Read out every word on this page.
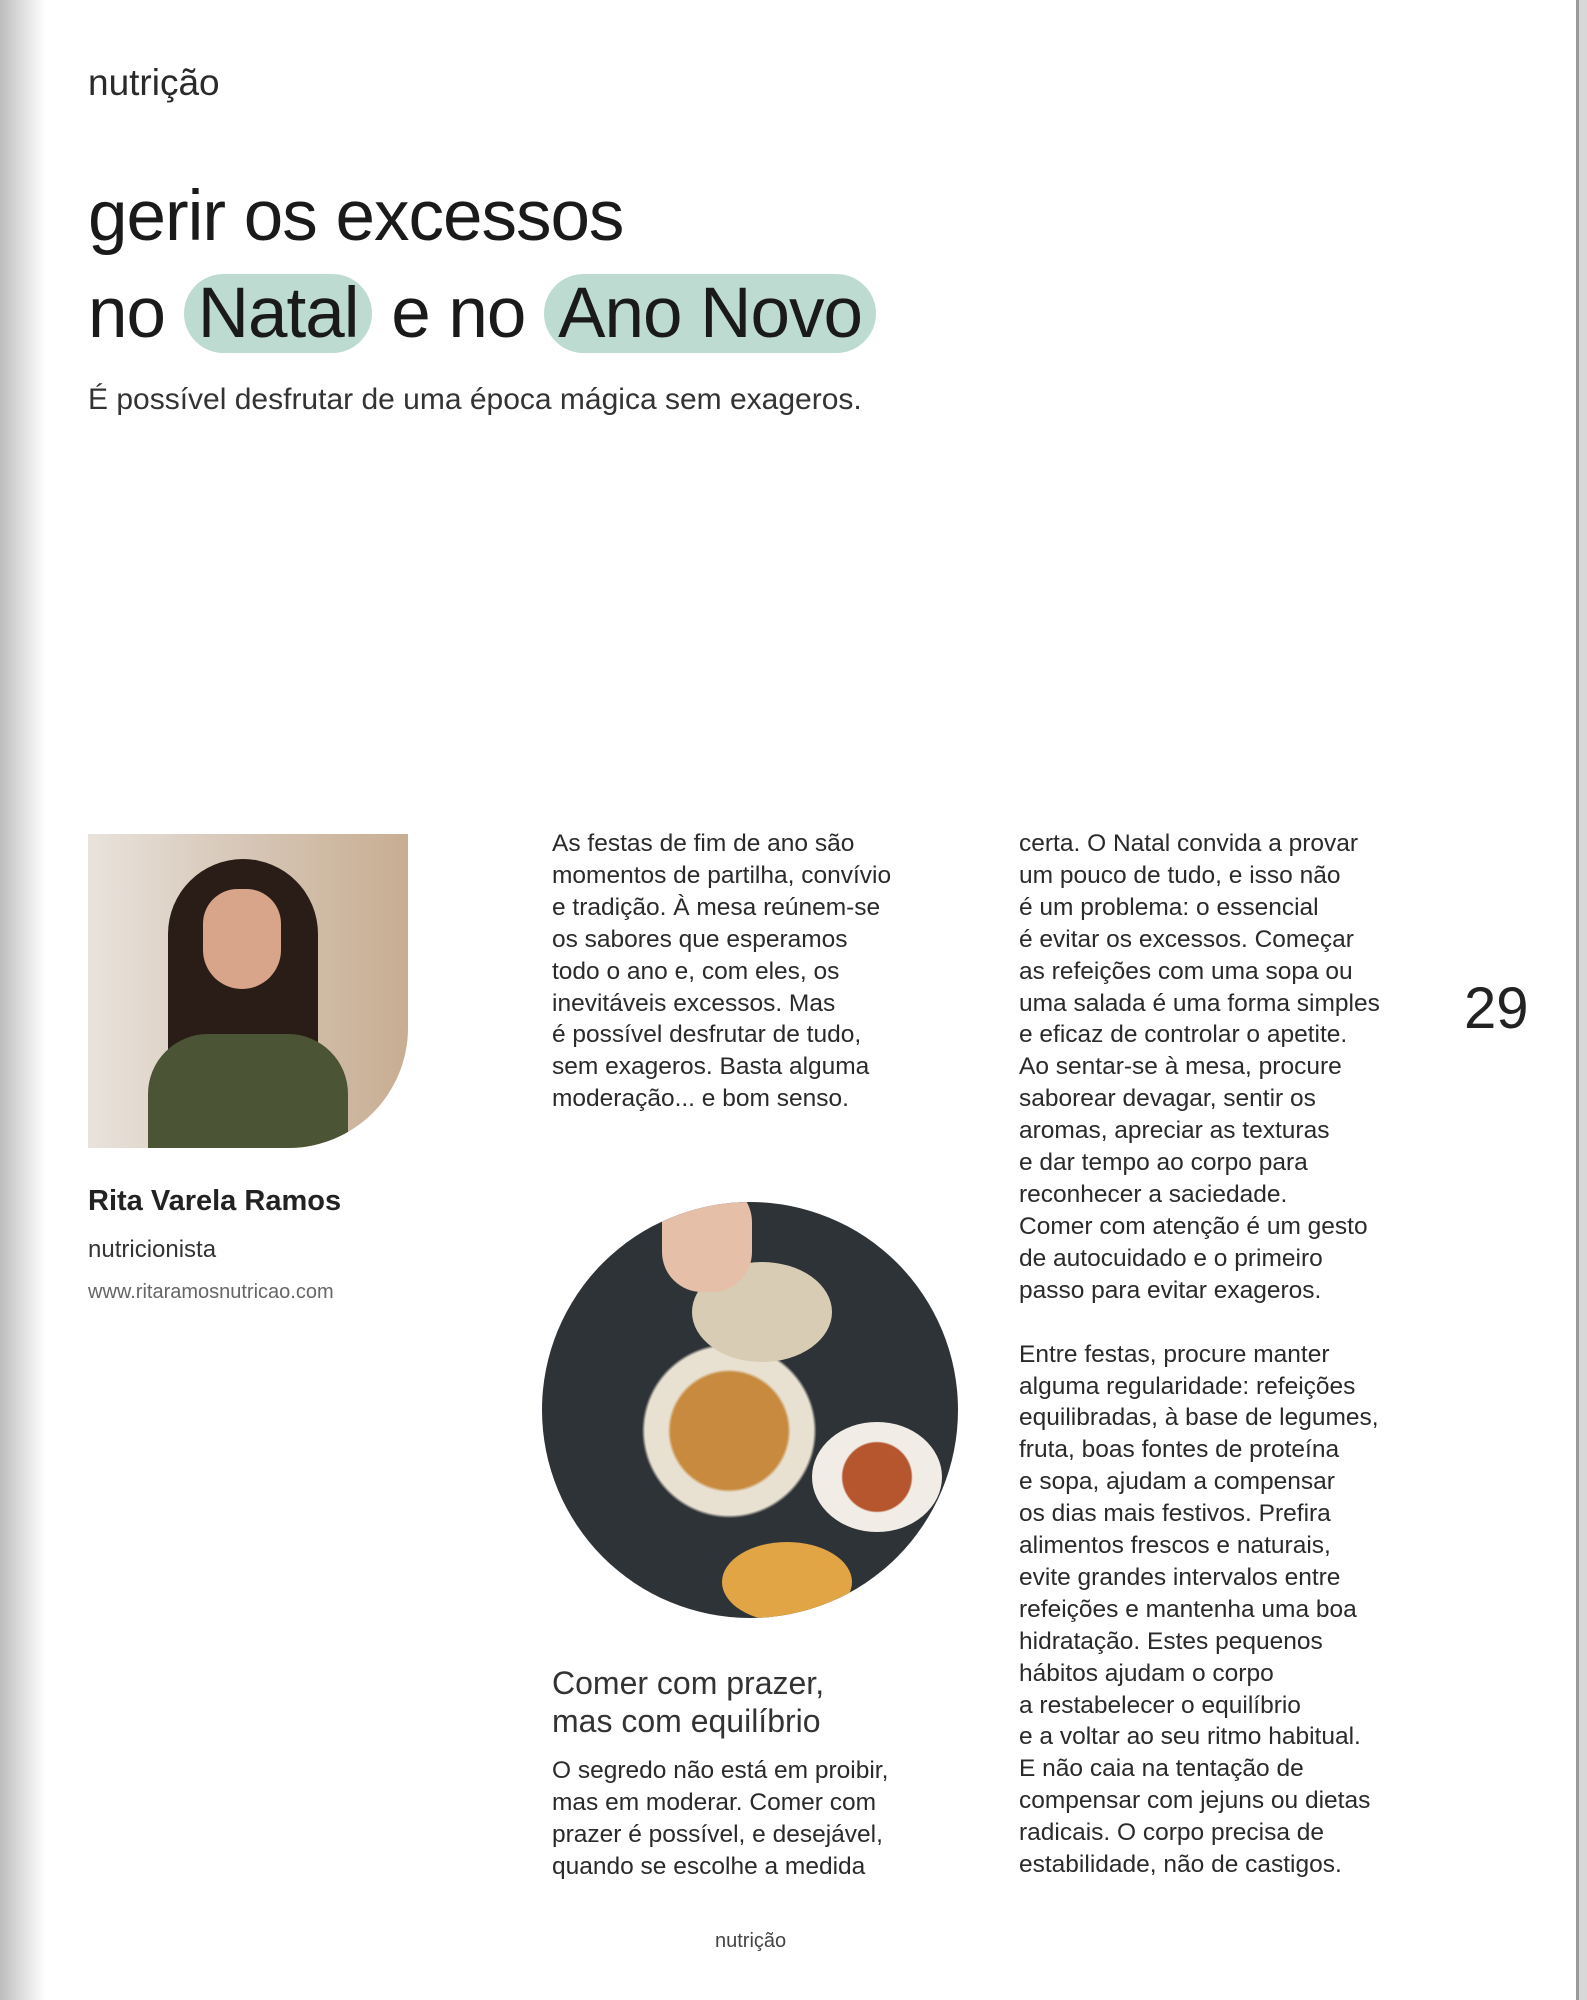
nutrição
gerir os excessos
no Natal e no Ano Novo
É possível desfrutar de uma época mágica sem exageros.
Rita Varela Ramos
nutricionista
www.ritaramosnutricao.com

As festas de fim de ano são
momentos de partilha, convívio
e tradição. À mesa reúnem-se
os sabores que esperamos
todo o ano e, com eles, os
inevitáveis excessos. Mas
é possível desfrutar de tudo,
sem exageros. Basta alguma
moderação... e bom senso.

Comer com prazer,
mas com equilíbrio

O segredo não está em proibir,
mas em moderar. Comer com
prazer é possível, e desejável,
quando se escolhe a medida

certa. O Natal convida a provar
um pouco de tudo, e isso não
é um problema: o essencial
é evitar os excessos. Começar
as refeições com uma sopa ou
uma salada é uma forma simples
e eficaz de controlar o apetite.
Ao sentar-se à mesa, procure
saborear devagar, sentir os
aromas, apreciar as texturas
e dar tempo ao corpo para
reconhecer a saciedade.
Comer com atenção é um gesto
de autocuidado e o primeiro
passo para evitar exageros.

Entre festas, procure manter
alguma regularidade: refeições
equilibradas, à base de legumes,
fruta, boas fontes de proteína
e sopa, ajudam a compensar
os dias mais festivos. Prefira
alimentos frescos e naturais,
evite grandes intervalos entre
refeições e mantenha uma boa
hidratação. Estes pequenos
hábitos ajudam o corpo
a restabelecer o equilíbrio
e a voltar ao seu ritmo habitual.
E não caia na tentação de
compensar com jejuns ou dietas
radicais. O corpo precisa de
estabilidade, não de castigos.

29
nutrição
